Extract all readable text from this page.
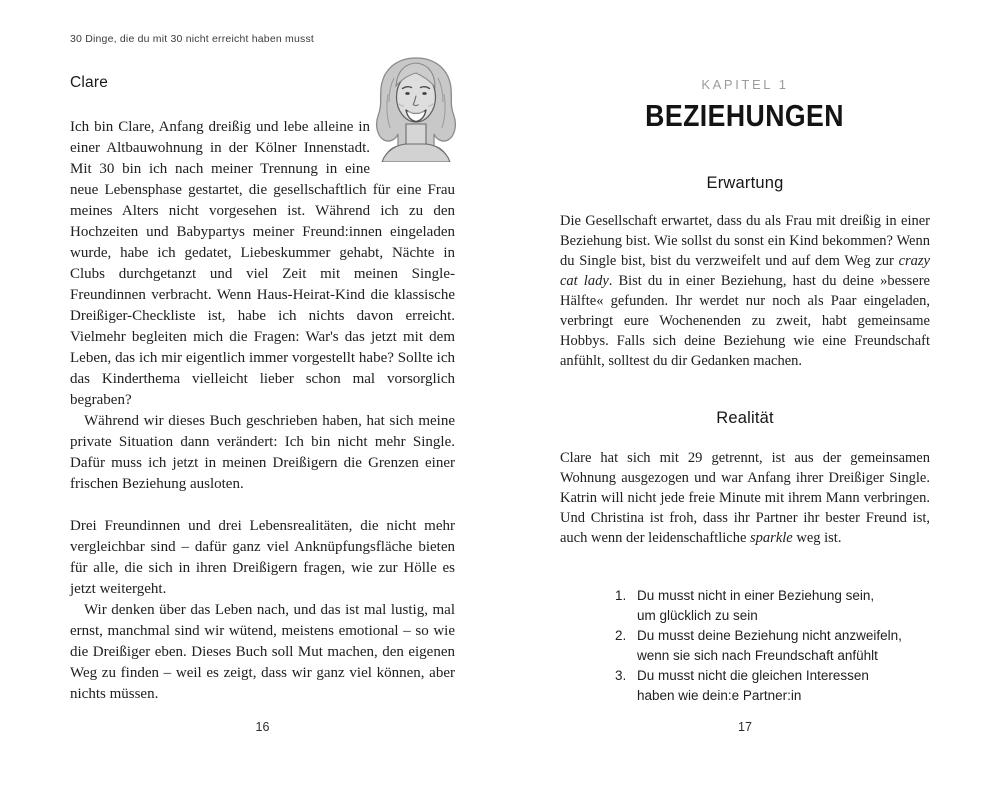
30 Dinge, die du mit 30 nicht erreicht haben musst
Clare

Ich bin Clare, Anfang dreißig und lebe alleine in einer Altbauwohnung in der Kölner Innenstadt. Mit 30 bin ich nach meiner Trennung in eine neue Lebensphase gestartet, die gesellschaftlich für eine Frau meines Alters nicht vorgesehen ist. Während ich zu den Hochzeiten und Babypartys meiner Freund:innen eingeladen wurde, habe ich gedatet, Liebeskummer gehabt, Nächte in Clubs durchgetanzt und viel Zeit mit meinen Single-Freundinnen verbracht. Wenn Haus-Heirat-Kind die klassische Dreißiger-Checkliste ist, habe ich nichts davon erreicht. Vielmehr begleiten mich die Fragen: War's das jetzt mit dem Leben, das ich mir eigentlich immer vorgestellt habe? Sollte ich das Kinderthema vielleicht lieber schon mal vorsorglich begraben?

Während wir dieses Buch geschrieben haben, hat sich meine private Situation dann verändert: Ich bin nicht mehr Single. Dafür muss ich jetzt in meinen Dreißigern die Grenzen einer frischen Beziehung ausloten.

Drei Freundinnen und drei Lebensrealitäten, die nicht mehr vergleichbar sind – dafür ganz viel Anknüpfungsfläche bieten für alle, die sich in ihren Dreißigern fragen, wie zur Hölle es jetzt weitergeht.

Wir denken über das Leben nach, und das ist mal lustig, mal ernst, manchmal sind wir wütend, meistens emotional – so wie die Dreißiger eben. Dieses Buch soll Mut machen, den eigenen Weg zu finden – weil es zeigt, dass wir ganz viel können, aber nichts müssen.

16
KAPITEL 1
BEZIEHUNGEN
Erwartung

Die Gesellschaft erwartet, dass du als Frau mit dreißig in einer Beziehung bist. Wie sollst du sonst ein Kind bekommen? Wenn du Single bist, bist du verzweifelt und auf dem Weg zur crazy cat lady. Bist du in einer Beziehung, hast du deine »bessere Hälfte« gefunden. Ihr werdet nur noch als Paar eingeladen, verbringt eure Wochenenden zu zweit, habt gemeinsame Hobbys. Falls sich deine Beziehung wie eine Freundschaft anfühlt, solltest du dir Gedanken machen.

Realität

Clare hat sich mit 29 getrennt, ist aus der gemeinsamen Wohnung ausgezogen und war Anfang ihrer Dreißiger Single. Katrin will nicht jede freie Minute mit ihrem Mann verbringen. Und Christina ist froh, dass ihr Partner ihr bester Freund ist, auch wenn der leidenschaftliche sparkle weg ist.

1. Du musst nicht in einer Beziehung sein,
um glücklich zu sein
2. Du musst deine Beziehung nicht anzweifeln,
wenn sie sich nach Freundschaft anfühlt
3. Du musst nicht die gleichen Interessen
haben wie dein:e Partner:in
17
